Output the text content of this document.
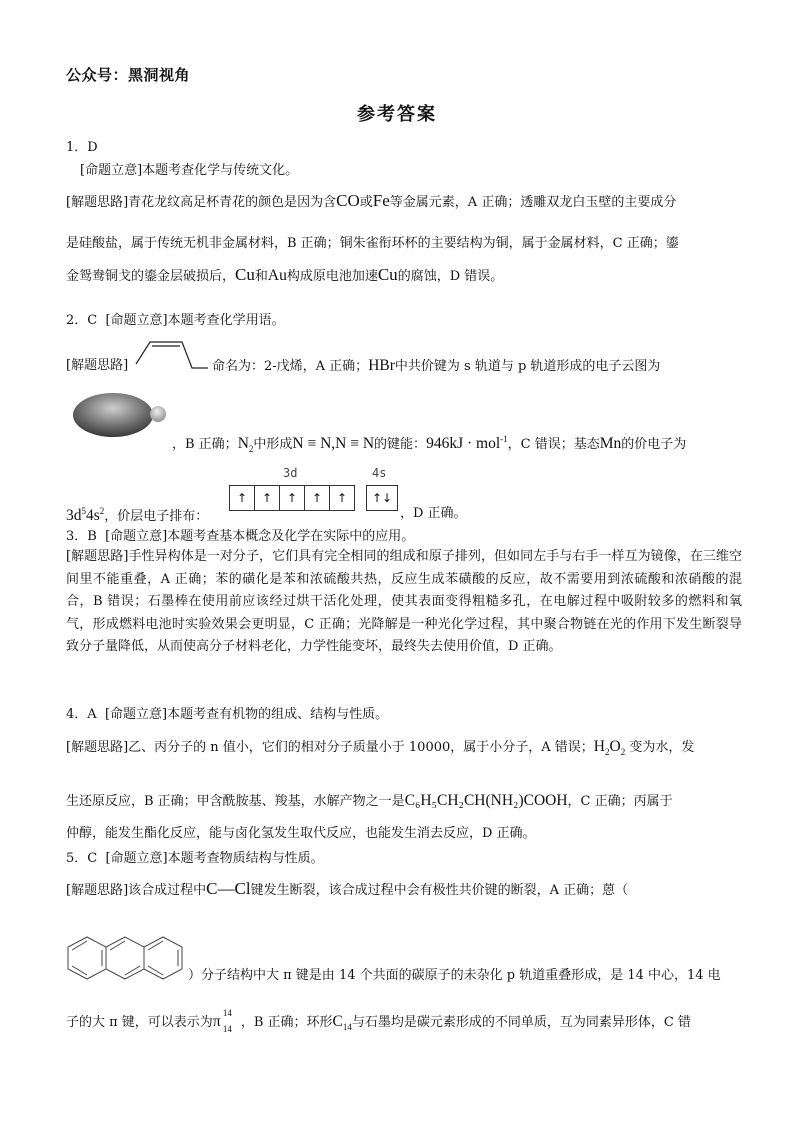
公众号：黑洞视角
参考答案
1．D
[命题立意]本题考查化学与传统文化。
[解题思路]青花龙纹高足杯青花的颜色是因为含CO或Fe等金属元素，A 正确；透雕双龙白玉壁的主要成分
是硅酸盐，属于传统无机非金属材料，B 正确；铜朱雀衔环杯的主要结构为铜，属于金属材料，C 正确；鎏
金鸳鸯铜戈的鎏金层破损后，Cu和Au构成原电池加速Cu的腐蚀，D 错误。
2．C [命题立意]本题考查化学用语。
[解题思路]	命名为：2-戊烯，A 正确；HBr中共价键为 s 轨道与 p 轨道形成的电子云图为
，B 正确；$N_2$中形成N ≡ N,N ≡ N的键能：946kJ · mol$^{-1}$，C 错误；基态Mn的价电子为
$3d^54s^2$，价层电子排布：
3d	4s
↑	↑	↑	↑	↑	↑↓
，D 正确。
3．B [命题立意]本题考查基本概念及化学在实际中的应用。
[解题思路]手性异构体是一对分子，它们具有完全相同的组成和原子排列，但如同左手与右手一样互为镜像，在三维空间里不能重叠，A 正确；苯的磺化是苯和浓硫酸共热，反应生成苯磺酸的反应，故不需要用到浓硫酸和浓硝酸的混合，B 错误；石墨棒在使用前应该经过烘干活化处理，使其表面变得粗糙多孔，在电解过程中吸附较多的燃料和氧气，形成燃料电池时实验效果会更明显，C 正确；光降解是一种光化学过程，其中聚合物链在光的作用下发生断裂导致分子量降低，从而使高分子材料老化，力学性能变坏，最终失去使用价值，D 正确。
4．A [命题立意]本题考查有机物的组成、结构与性质。
[解题思路]乙、丙分子的 n 值小，它们的相对分子质量小于 10000，属于小分子，A 错误；$H_2O_2$ 变为水，发
生还原反应，B 正确；甲含酰胺基、羧基，水解产物之一是C₆H₅CH₂CH(NH₂)COOH，C 正确；丙属于
仲醇，能发生酯化反应，能与卤化氢发生取代反应，也能发生消去反应，D 正确。
5．C [命题立意]本题考查物质结构与性质。
[解题思路]该合成过程中C—Cl键发生断裂，该合成过程中会有极性共价键的断裂，A 正确；蒽（
）分子结构中大 π 键是由 14 个共面的碳原子的未杂化 p 轨道重叠形成，是 14 中心，14 电
子的大 π 键，可以表示为π 14
14 ，B 正确；环形$C_{14}$与石墨均是碳元素形成的不同单质，互为同素异形体，C 错
